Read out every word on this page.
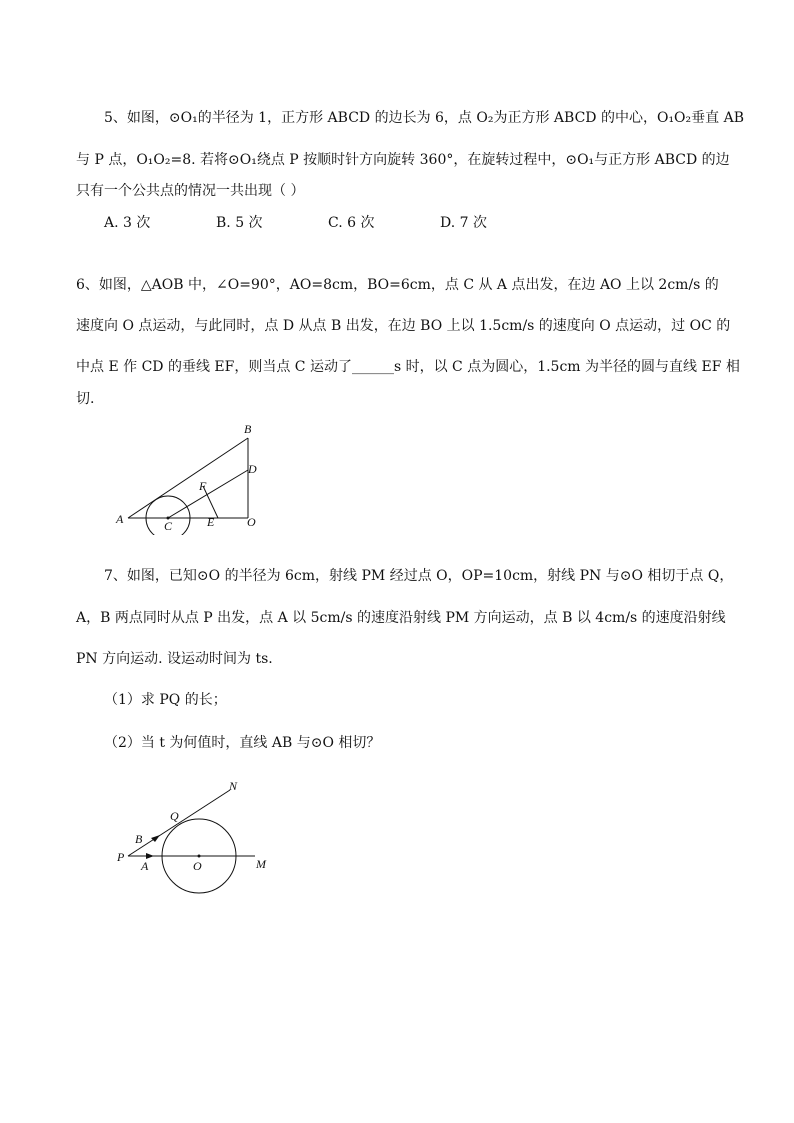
5、如图，⊙O₁的半径为 1，正方形 ABCD 的边长为 6，点 O₂为正方形 ABCD 的中心，O₁O₂垂直 AB
与 P 点，O₁O₂=8. 若将⊙O₁绕点 P 按顺时针方向旋转 360°，在旋转过程中，⊙O₁与正方形 ABCD 的边
只有一个公共点的情况一共出现（ ）
A. 3 次	B. 5 次	C. 6 次	D. 7 次
6、如图，△AOB 中，∠O=90°，AO=8cm，BO=6cm，点 C 从 A 点出发，在边 AO 上以 2cm/s 的
速度向 O 点运动，与此同时，点 D 从点 B 出发，在边 BO 上以 1.5cm/s 的速度向 O 点运动，过 OC 的
中点 E 作 CD 的垂线 EF，则当点 C 运动了______s 时，以 C 点为圆心，1.5cm 为半径的圆与直线 EF 相
切.
A
B
C
D
E
F
O
7、如图，已知⊙O 的半径为 6cm，射线 PM 经过点 O，OP=10cm，射线 PN 与⊙O 相切于点 Q，
A，B 两点同时从点 P 出发，点 A 以 5cm/s 的速度沿射线 PM 方向运动，点 B 以 4cm/s 的速度沿射线
PN 方向运动. 设运动时间为 ts.
（1）求 PQ 的长；
（2）当 t 为何值时，直线 AB 与⊙O 相切？
N
Q
B
P
A	O	M
